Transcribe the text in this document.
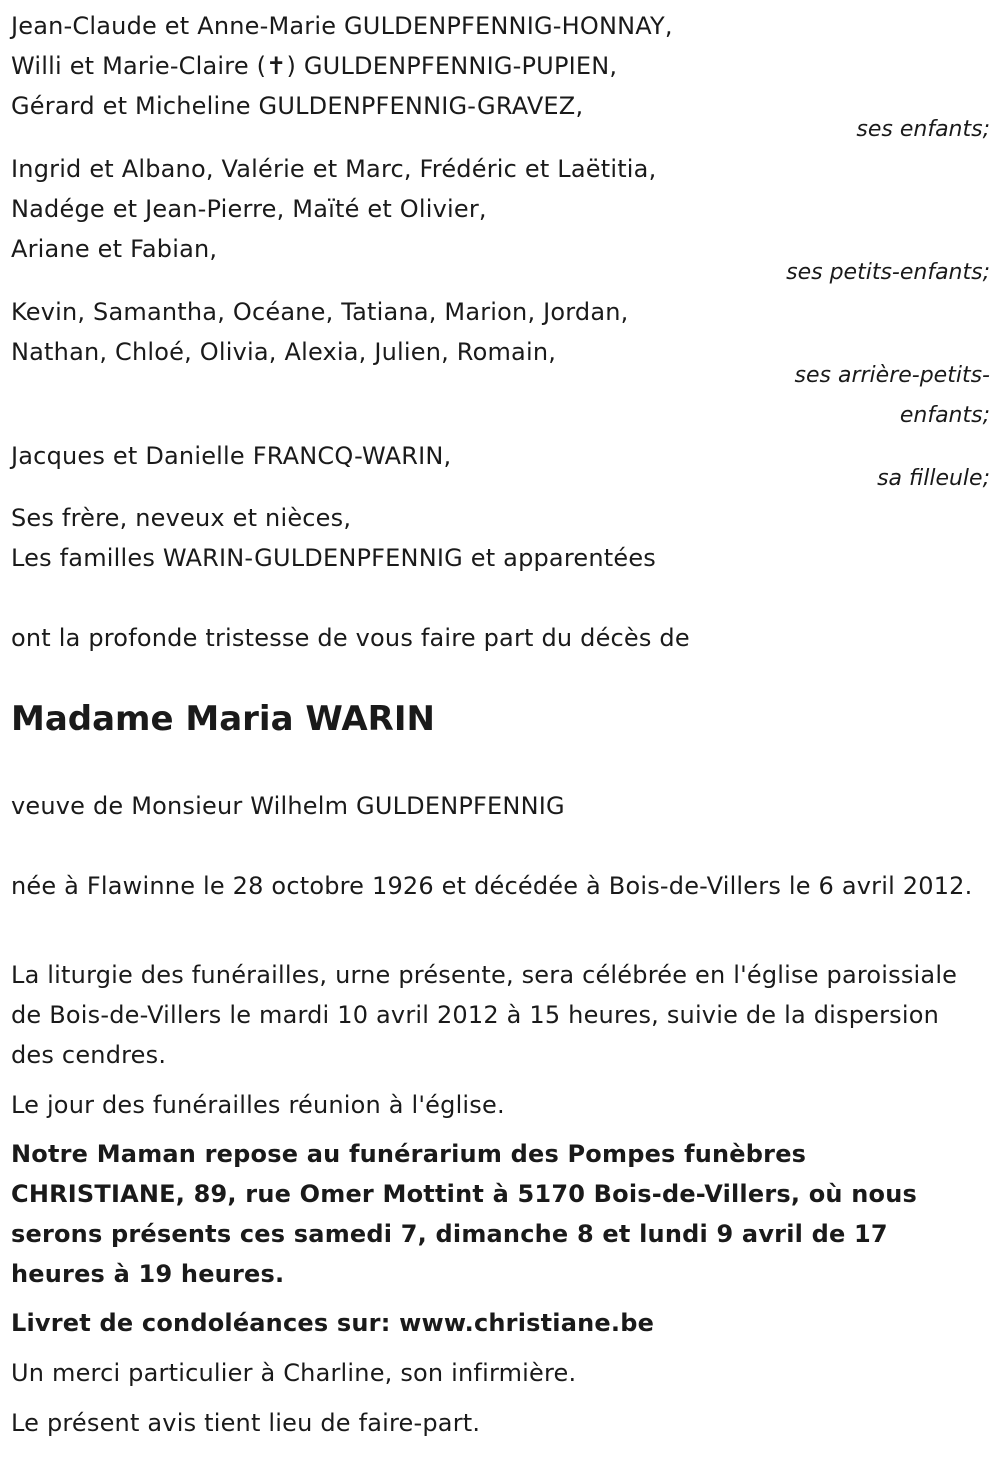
Jean-Claude et Anne-Marie GULDENPFENNIG-HONNAY,
Willi et Marie-Claire (✝) GULDENPFENNIG-PUPIEN,
Gérard et Micheline GULDENPFENNIG-GRAVEZ,
ses enfants;
Ingrid et Albano, Valérie et Marc, Frédéric et Laëtitia,
Nadége et Jean-Pierre, Maïté et Olivier,
Ariane et Fabian,
ses petits-enfants;
Kevin, Samantha, Océane, Tatiana, Marion, Jordan,
Nathan, Chloé, Olivia, Alexia, Julien, Romain,
ses arrière-petits-
enfants;
Jacques et Danielle FRANCQ-WARIN,
sa filleule;
Ses frère, neveux et nièces,
Les familles WARIN-GULDENPFENNIG et apparentées
ont la profonde tristesse de vous faire part du décès de
Madame Maria WARIN
veuve de Monsieur Wilhelm GULDENPFENNIG
née à Flawinne le 28 octobre 1926 et décédée à Bois-de-Villers le 6 avril 2012.
La liturgie des funérailles, urne présente, sera célébrée en l'église paroissiale de Bois-de-Villers le mardi 10 avril 2012 à 15 heures, suivie de la dispersion des cendres.
Le jour des funérailles réunion à l'église.
Notre Maman repose au funérarium des Pompes funèbres CHRISTIANE, 89, rue Omer Mottint à 5170 Bois-de-Villers, où nous serons présents ces samedi 7, dimanche 8 et lundi 9 avril de 17 heures à 19 heures.
Livret de condoléances sur: www.christiane.be
Un merci particulier à Charline, son infirmière.
Le présent avis tient lieu de faire-part.
